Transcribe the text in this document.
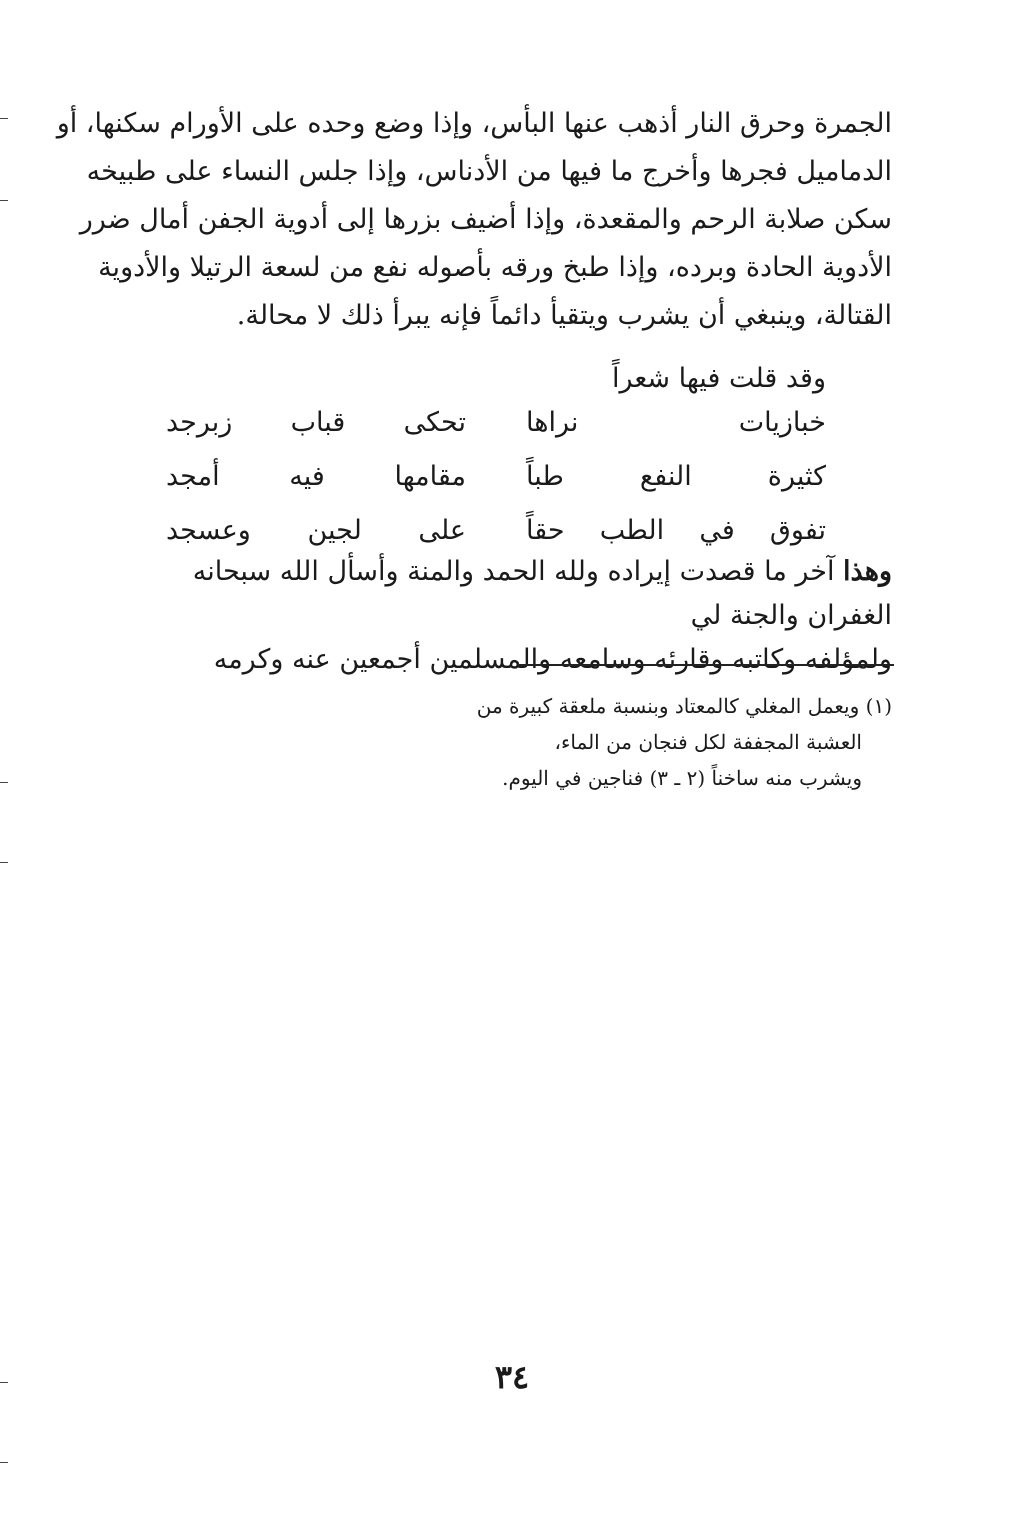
الجمرة وحرق النار أذهب عنها البأس، وإذا وضع وحده على الأورام سكنها، أو
الدماميل فجرها وأخرج ما فيها من الأدناس، وإذا جلس النساء على طبيخه
سكن صلابة الرحم والمقعدة، وإذا أضيف بزرها إلى أدوية الجفن أمال ضرر
الأدوية الحادة وبرده، وإذا طبخ ورقه بأصوله نفع من لسعة الرتيلا والأدوية
القتالة، وينبغي أن يشرب ويتقيأ دائماً فإنه يبرأ ذلك لا محالة.
وقد قلت فيها شعراً
خبازيات نراها
تحكى قباب زبرجد
كثيرة النفع طباً
مقامها فيه أمجد
تفوق في الطب حقاً
على لجين وعسجد
وهذا آخر ما قصدت إيراده ولله الحمد والمنة وأسأل الله سبحانه الغفران والجنة لي
ولمؤلفه وكاتبه وقارئه وسامعه والمسلمين أجمعين عنه وكرمه
(١) ويعمل المغلي كالمعتاد وبنسبة ملعقة كبيرة من
العشبة المجففة لكل فنجان من الماء،
ويشرب منه ساخناً (٢ ـ ٣) فناجين في اليوم.
٣٤
